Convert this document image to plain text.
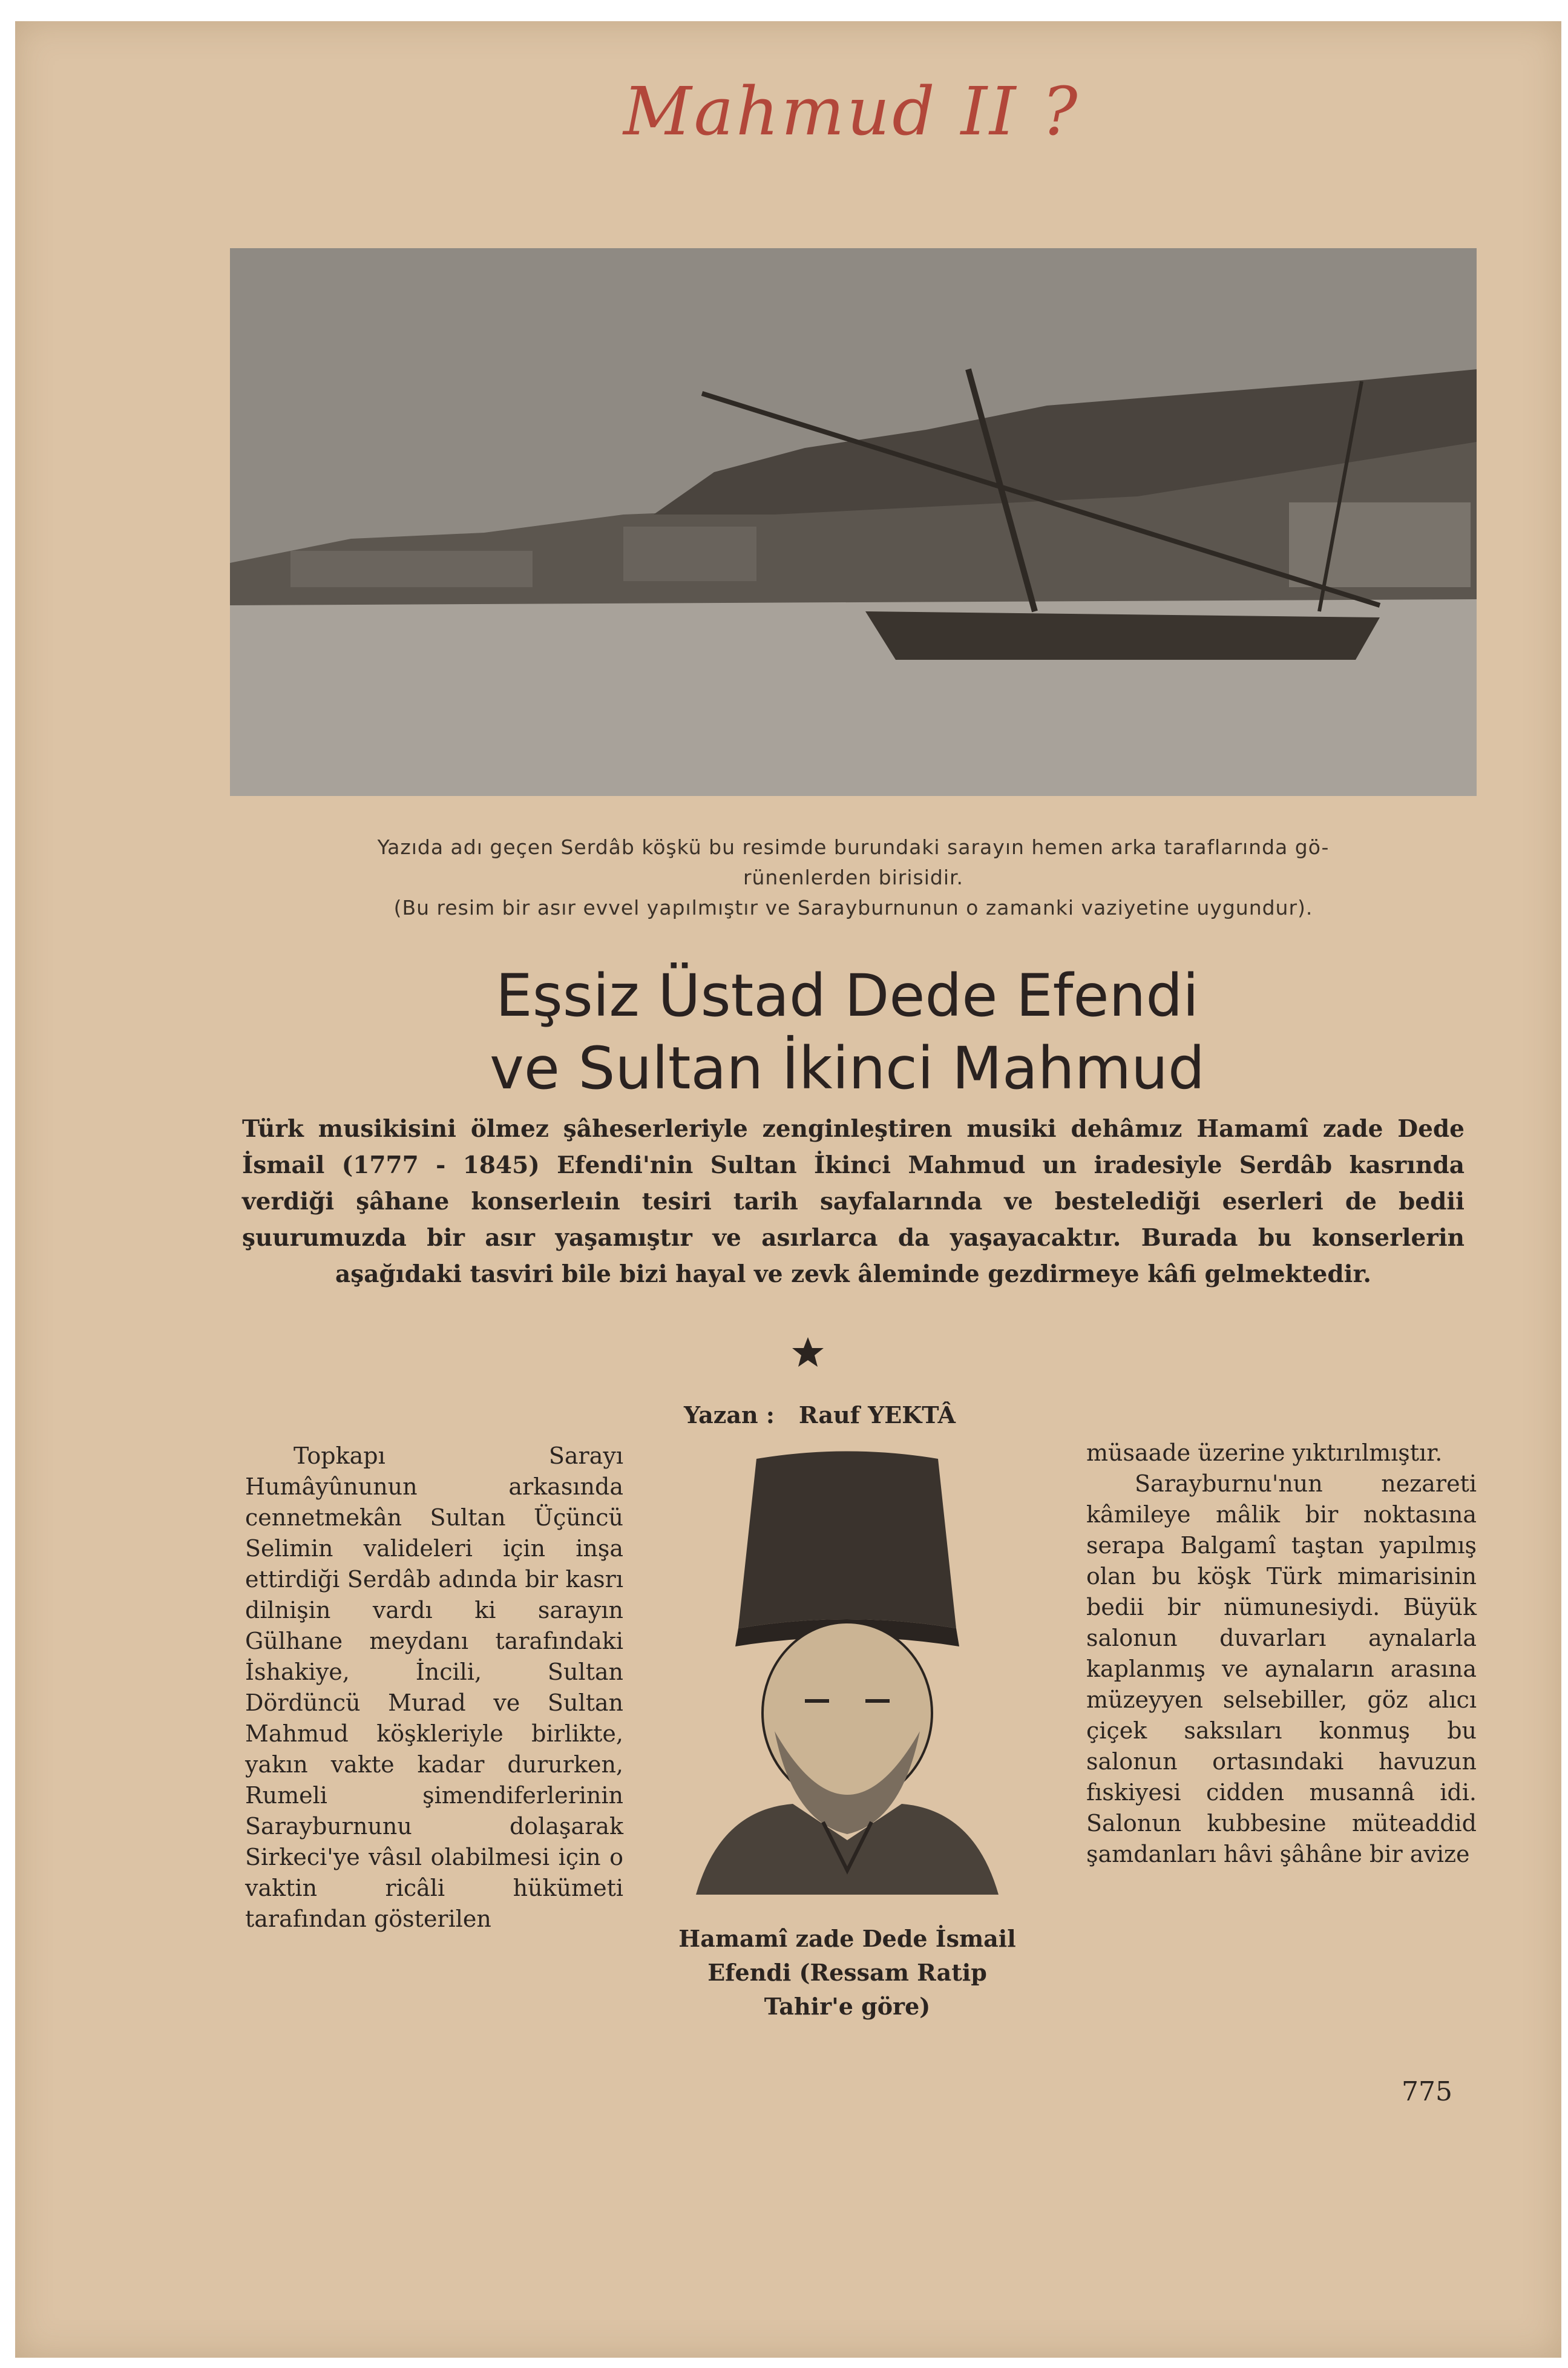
Mahmud II ?

Yazıda adı geçen Serdâb köşkü bu resimde burundaki sarayın hemen arka taraflarında gö-

rünenlerden birisidir.

(Bu resim bir asır evvel yapılmıştır ve Sarayburnunun o zamanki vaziyetine uygundur).

Eşsiz Üstad Dede Efendi
ve Sultan İkinci Mahmud
Türk musikisini ölmez şâheserleriyle zenginleştiren musiki dehâmız Hamamî zade Dede İsmail (1777 - 1845) Efendi'nin Sultan İkinci Mahmud un iradesiyle Serdâb kasrında verdiği şâhane konserleıin tesiri tarih sayfalarında ve bestelediği eserleri de bedii şuurumuzda bir asır yaşamıştır ve asırlarca da yaşayacaktır. Burada bu konserlerin aşağıdaki tasviri bile bizi hayal ve zevk âleminde gezdirmeye kâfi gelmektedir.
Yazan : Rauf YEKTÂ
Topkapı Sarayı Humâyûnunun arkasında cennetmekân Sultan Üçüncü Selimin valideleri için inşa ettirdiği Serdâb adında bir kasrı dilnişin vardı ki sarayın Gülhane meydanı tarafındaki İshakiye, İncili, Sultan Dördüncü Murad ve Sultan Mahmud köşkleriyle birlikte, yakın vakte kadar dururken, Rumeli şimendiferlerinin Sarayburnunu dolaşarak Sirkeci'ye vâsıl olabilmesi için o vaktin ricâli hükümeti tarafından gösterilen
Hamamî zade Dede İsmail Efendi (Ressam Ratip Tahir'e göre)
müsaade üzerine yıktırılmıştır.
Sarayburnu'nun nezareti kâmileye mâlik bir noktasına serapa Balgamî taştan yapılmış olan bu köşk Türk mimarisinin bedii bir nümunesiydi. Büyük salonun duvarları aynalarla kaplanmış ve aynaların arasına müzeyyen selsebiller, göz alıcı çiçek saksıları konmuş bu salonun ortasındaki havuzun fıskiyesi cidden musannâ idi. Salonun kubbesine müteaddid şamdanları hâvi şâhâne bir avize
775
